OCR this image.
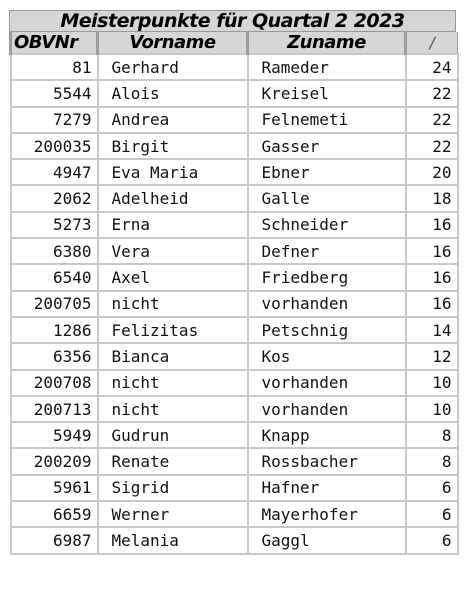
Meisterpunkte für Quartal 2 2023
OBVNr	Vorname	Zuname	/
81	Gerhard	Rameder	24
5544	Alois	Kreisel	22
7279	Andrea	Felnemeti	22
200035	Birgit	Gasser	22
4947	Eva Maria	Ebner	20
2062	Adelheid	Galle	18
5273	Erna	Schneider	16
6380	Vera	Defner	16
6540	Axel	Friedberg	16
200705	nicht	vorhanden	16
1286	Felizitas	Petschnig	14
6356	Bianca	Kos	12
200708	nicht	vorhanden	10
200713	nicht	vorhanden	10
5949	Gudrun	Knapp	8
200209	Renate	Rossbacher	8
5961	Sigrid	Hafner	6
6659	Werner	Mayerhofer	6
6987	Melania	Gaggl	6
